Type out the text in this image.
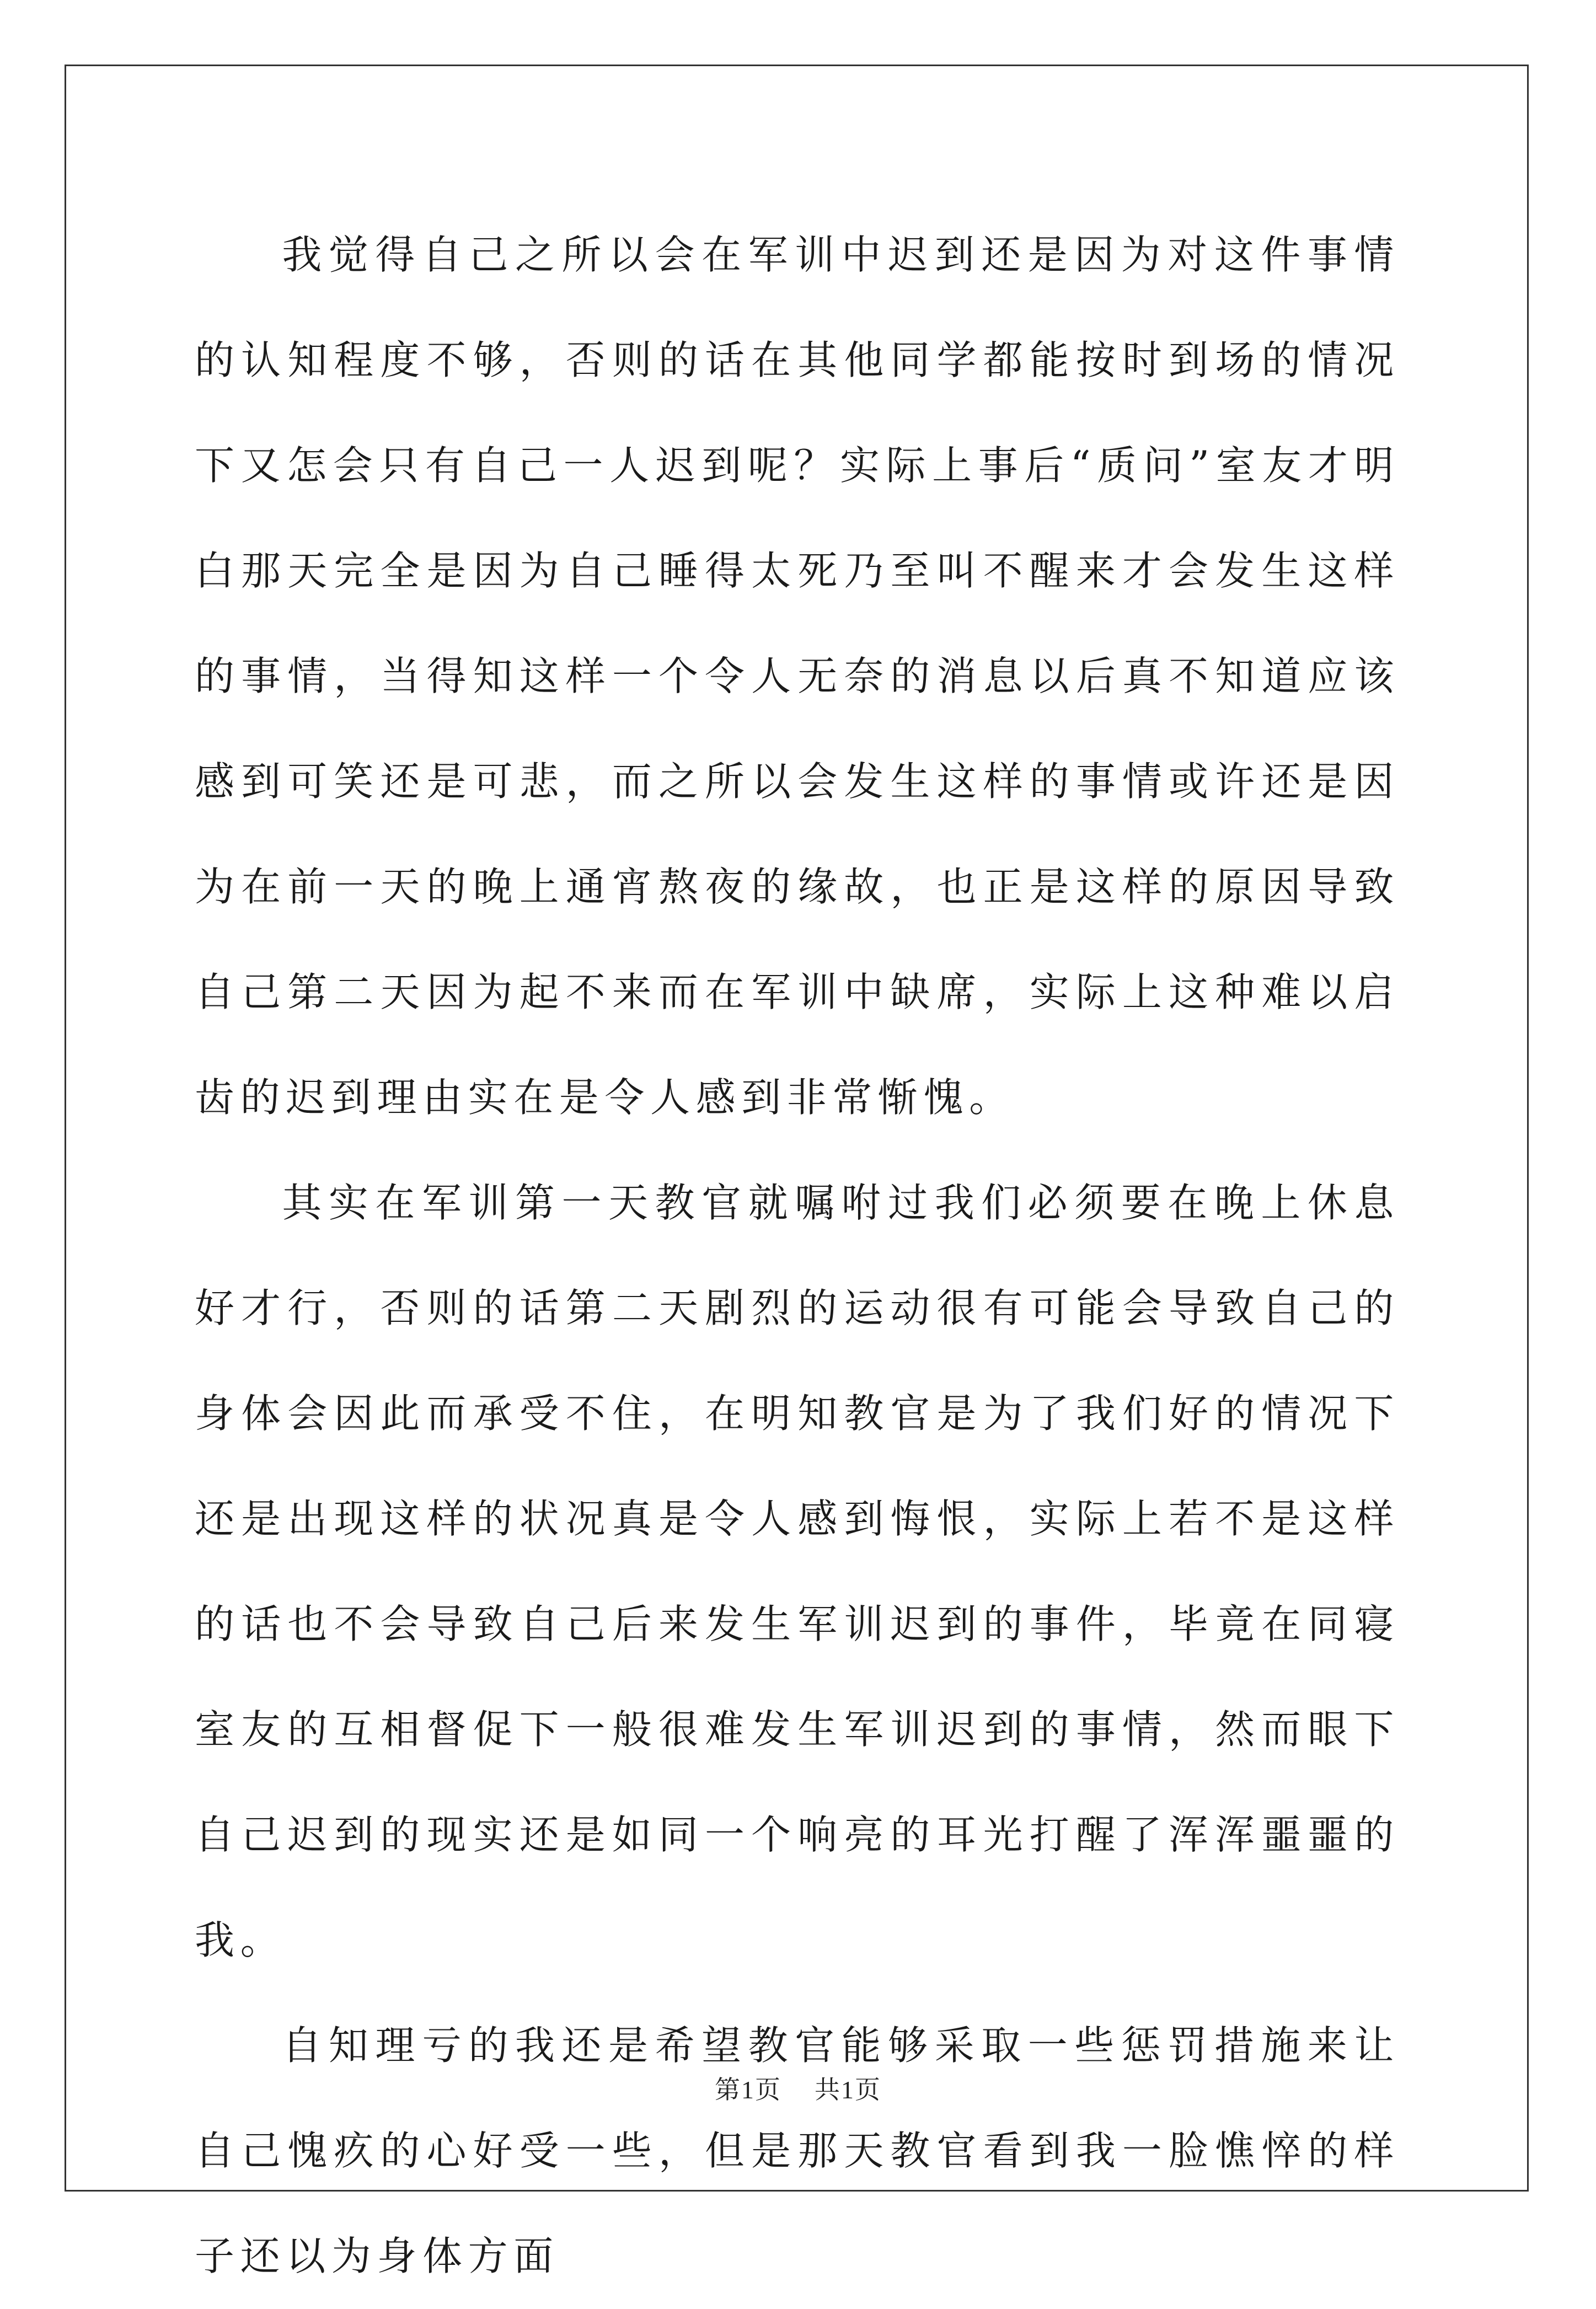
我觉得自己之所以会在军训中迟到还是因为对这件事情的认知程度不够，否则的话在其他同学都能按时到场的情况下又怎会只有自己一人迟到呢？实际上事后“质问”室友才明白那天完全是因为自己睡得太死乃至叫不醒来才会发生这样的事情，当得知这样一个令人无奈的消息以后真不知道应该感到可笑还是可悲，而之所以会发生这样的事情或许还是因为在前一天的晚上通宵熬夜的缘故，也正是这样的原因导致自己第二天因为起不来而在军训中缺席，实际上这种难以启齿的迟到理由实在是令人感到非常惭愧。

其实在军训第一天教官就嘱咐过我们必须要在晚上休息好才行，否则的话第二天剧烈的运动很有可能会导致自己的身体会因此而承受不住，在明知教官是为了我们好的情况下还是出现这样的状况真是令人感到悔恨，实际上若不是这样的话也不会导致自己后来发生军训迟到的事件，毕竟在同寝室友的互相督促下一般很难发生军训迟到的事情，然而眼下自己迟到的现实还是如同一个响亮的耳光打醒了浑浑噩噩的我。

自知理亏的我还是希望教官能够采取一些惩罚措施来让自己愧疚的心好受一些，但是那天教官看到我一脸憔悴的样子还以为身体方面

第1页 共1页
